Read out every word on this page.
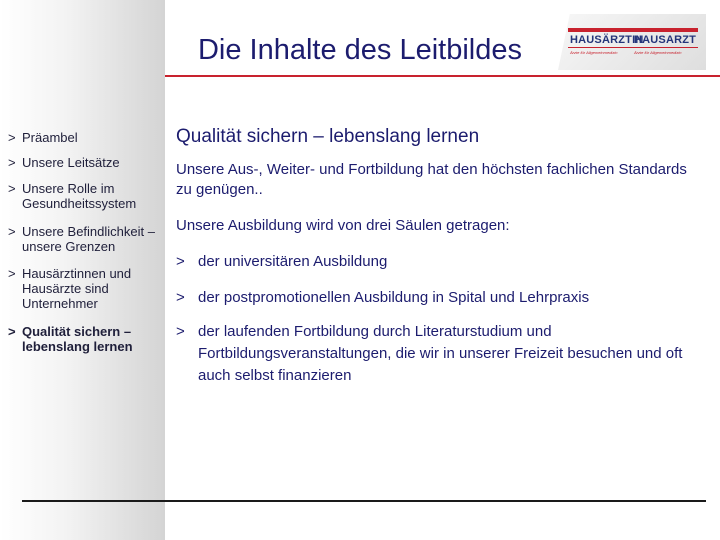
Die Inhalte des Leitbildes	HAUSÄRZTIN
HAUSARZT
Ärzte für Allgemeinmedizin	Ärzte für Allgemeinmedizin
> Präambel
> Unsere Leitsätze
> Unsere Rolle im Gesundheitssystem
> Unsere Befindlichkeit – unsere Grenzen
> Hausärztinnen und Hausärzte sind Unternehmer
> Qualität sichern – lebenslang lernen
Qualität sichern – lebenslang lernen
Unsere Aus-, Weiter- und Fortbildung hat den höchsten fachlichen Standards zu genügen..
Unsere Ausbildung wird von drei Säulen getragen:
> der universitären Ausbildung
> der postpromotionellen Ausbildung in Spital und Lehrpraxis
> der laufenden Fortbildung durch Literaturstudium und Fortbildungsveranstaltungen, die wir in unserer Freizeit besuchen und oft auch selbst finanzieren
